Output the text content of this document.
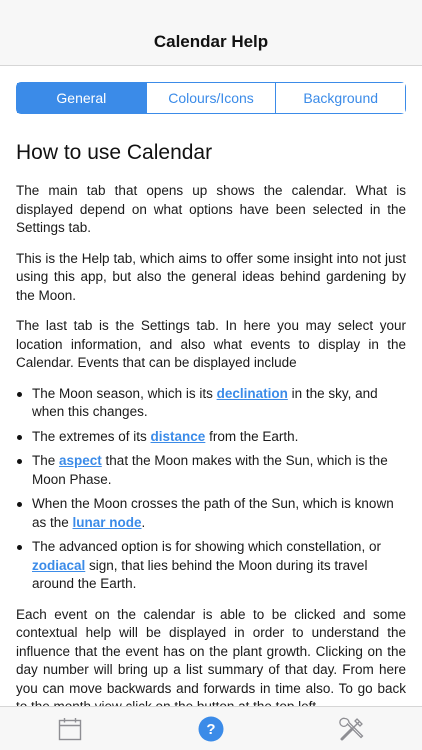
Calendar Help
General	Colours/Icons	Background
How to use Calendar

The main tab that opens up shows the calendar. What is displayed depend on what options have been selected in the Settings tab.

This is the Help tab, which aims to offer some insight into not just using this app, but also the general ideas behind gardening by the Moon.

The last tab is the Settings tab. In here you may select your location information, and also what events to display in the Calendar. Events that can be displayed include

The Moon season, which is its declination in the sky, and when this changes.
The extremes of its distance from the Earth.
The aspect that the Moon makes with the Sun, which is the Moon Phase.
When the Moon crosses the path of the Sun, which is known as the lunar node.
The advanced option is for showing which constellation, or zodiacal sign, that lies behind the Moon during its travel around the Earth.

Each event on the calendar is able to be clicked and some contextual help will be displayed in order to understand the influence that the event has on the plant growth. Clicking on the day number will bring up a list summary of that day. From here you can move backwards and forwards in time also. To go back

?
